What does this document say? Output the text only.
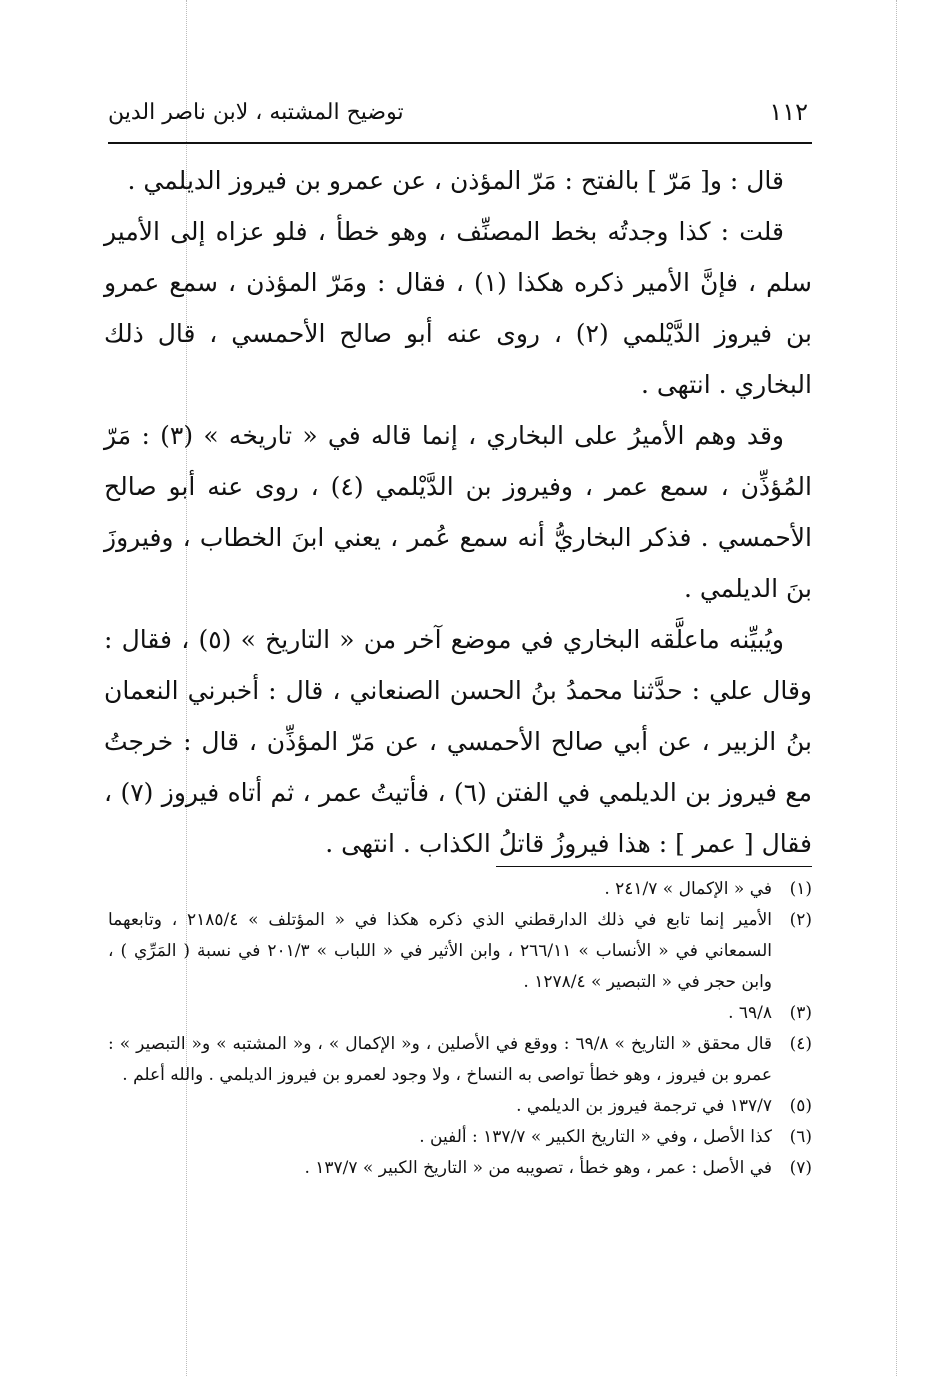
١١٢
توضيح المشتبه ، لابن ناصر الدين

قال : و[ مَرّ ] بالفتح : مَرّ المؤذن ، عن عمرو بن فيروز الديلمي .

قلت : كذا وجدتُه بخط المصنِّف ، وهو خطأ ، فلو عزاه إلى الأمير سلم ، فإنَّ الأمير ذكره هكذا (١) ، فقال : ومَرّ المؤذن ، سمع عمرو بن فيروز الدَّيْلمي (٢) ، روى عنه أبو صالح الأحمسي ، قال ذلك البخاري . انتهى .

وقد وهم الأميرُ على البخاري ، إنما قاله في « تاريخه » (٣) : مَرّ المُؤذِّن ، سمع عمر ، وفيروز بن الدَّيْلمي (٤) ، روى عنه أبو صالح الأحمسي . فذكر البخاريُّ أنه سمع عُمر ، يعني ابنَ الخطاب ، وفيروزَ بنَ الديلمي .

ويُبيِّنه ماعلَّقه البخاري في موضع آخر من « التاريخ » (٥) ، فقال : وقال علي : حدَّثنا محمدُ بنُ الحسن الصنعاني ، قال : أخبرني النعمان بنُ الزبير ، عن أبي صالح الأحمسي ، عن مَرّ المؤذِّن ، قال : خرجتُ مع فيروز بن الديلمي في الفتن (٦) ، فأتيتُ عمر ، ثم أتاه فيروز (٧) ، فقال [ عمر ] : هذا فيروزُ قاتلُ الكذاب . انتهى .

(١)
في « الإكمال » ٢٤١/٧ .
(٢)
الأمير إنما تابع في ذلك الدارقطني الذي ذكره هكذا في « المؤتلف » ٢١٨٥/٤ ، وتابعهما السمعاني في « الأنساب » ٢٦٦/١١ ، وابن الأثير في « اللباب » ٢٠١/٣ في نسبة ( المَرِّي ) ، وابن حجر في « التبصير » ١٢٧٨/٤ .
(٣)
٦٩/٨ .
(٤)
قال محقق « التاريخ » ٦٩/٨ : ووقع في الأصلين ، و« الإكمال » ، و« المشتبه » و« التبصير » : عمرو بن فيروز ، وهو خطأ تواصى به النساخ ، ولا وجود لعمرو بن فيروز الديلمي . والله أعلم .
(٥)
١٣٧/٧ في ترجمة فيروز بن الديلمي .
(٦)
كذا الأصل ، وفي « التاريخ الكبير » ١٣٧/٧ : ألفين .
(٧)
في الأصل : عمر ، وهو خطأ ، تصويبه من « التاريخ الكبير » ١٣٧/٧ .
